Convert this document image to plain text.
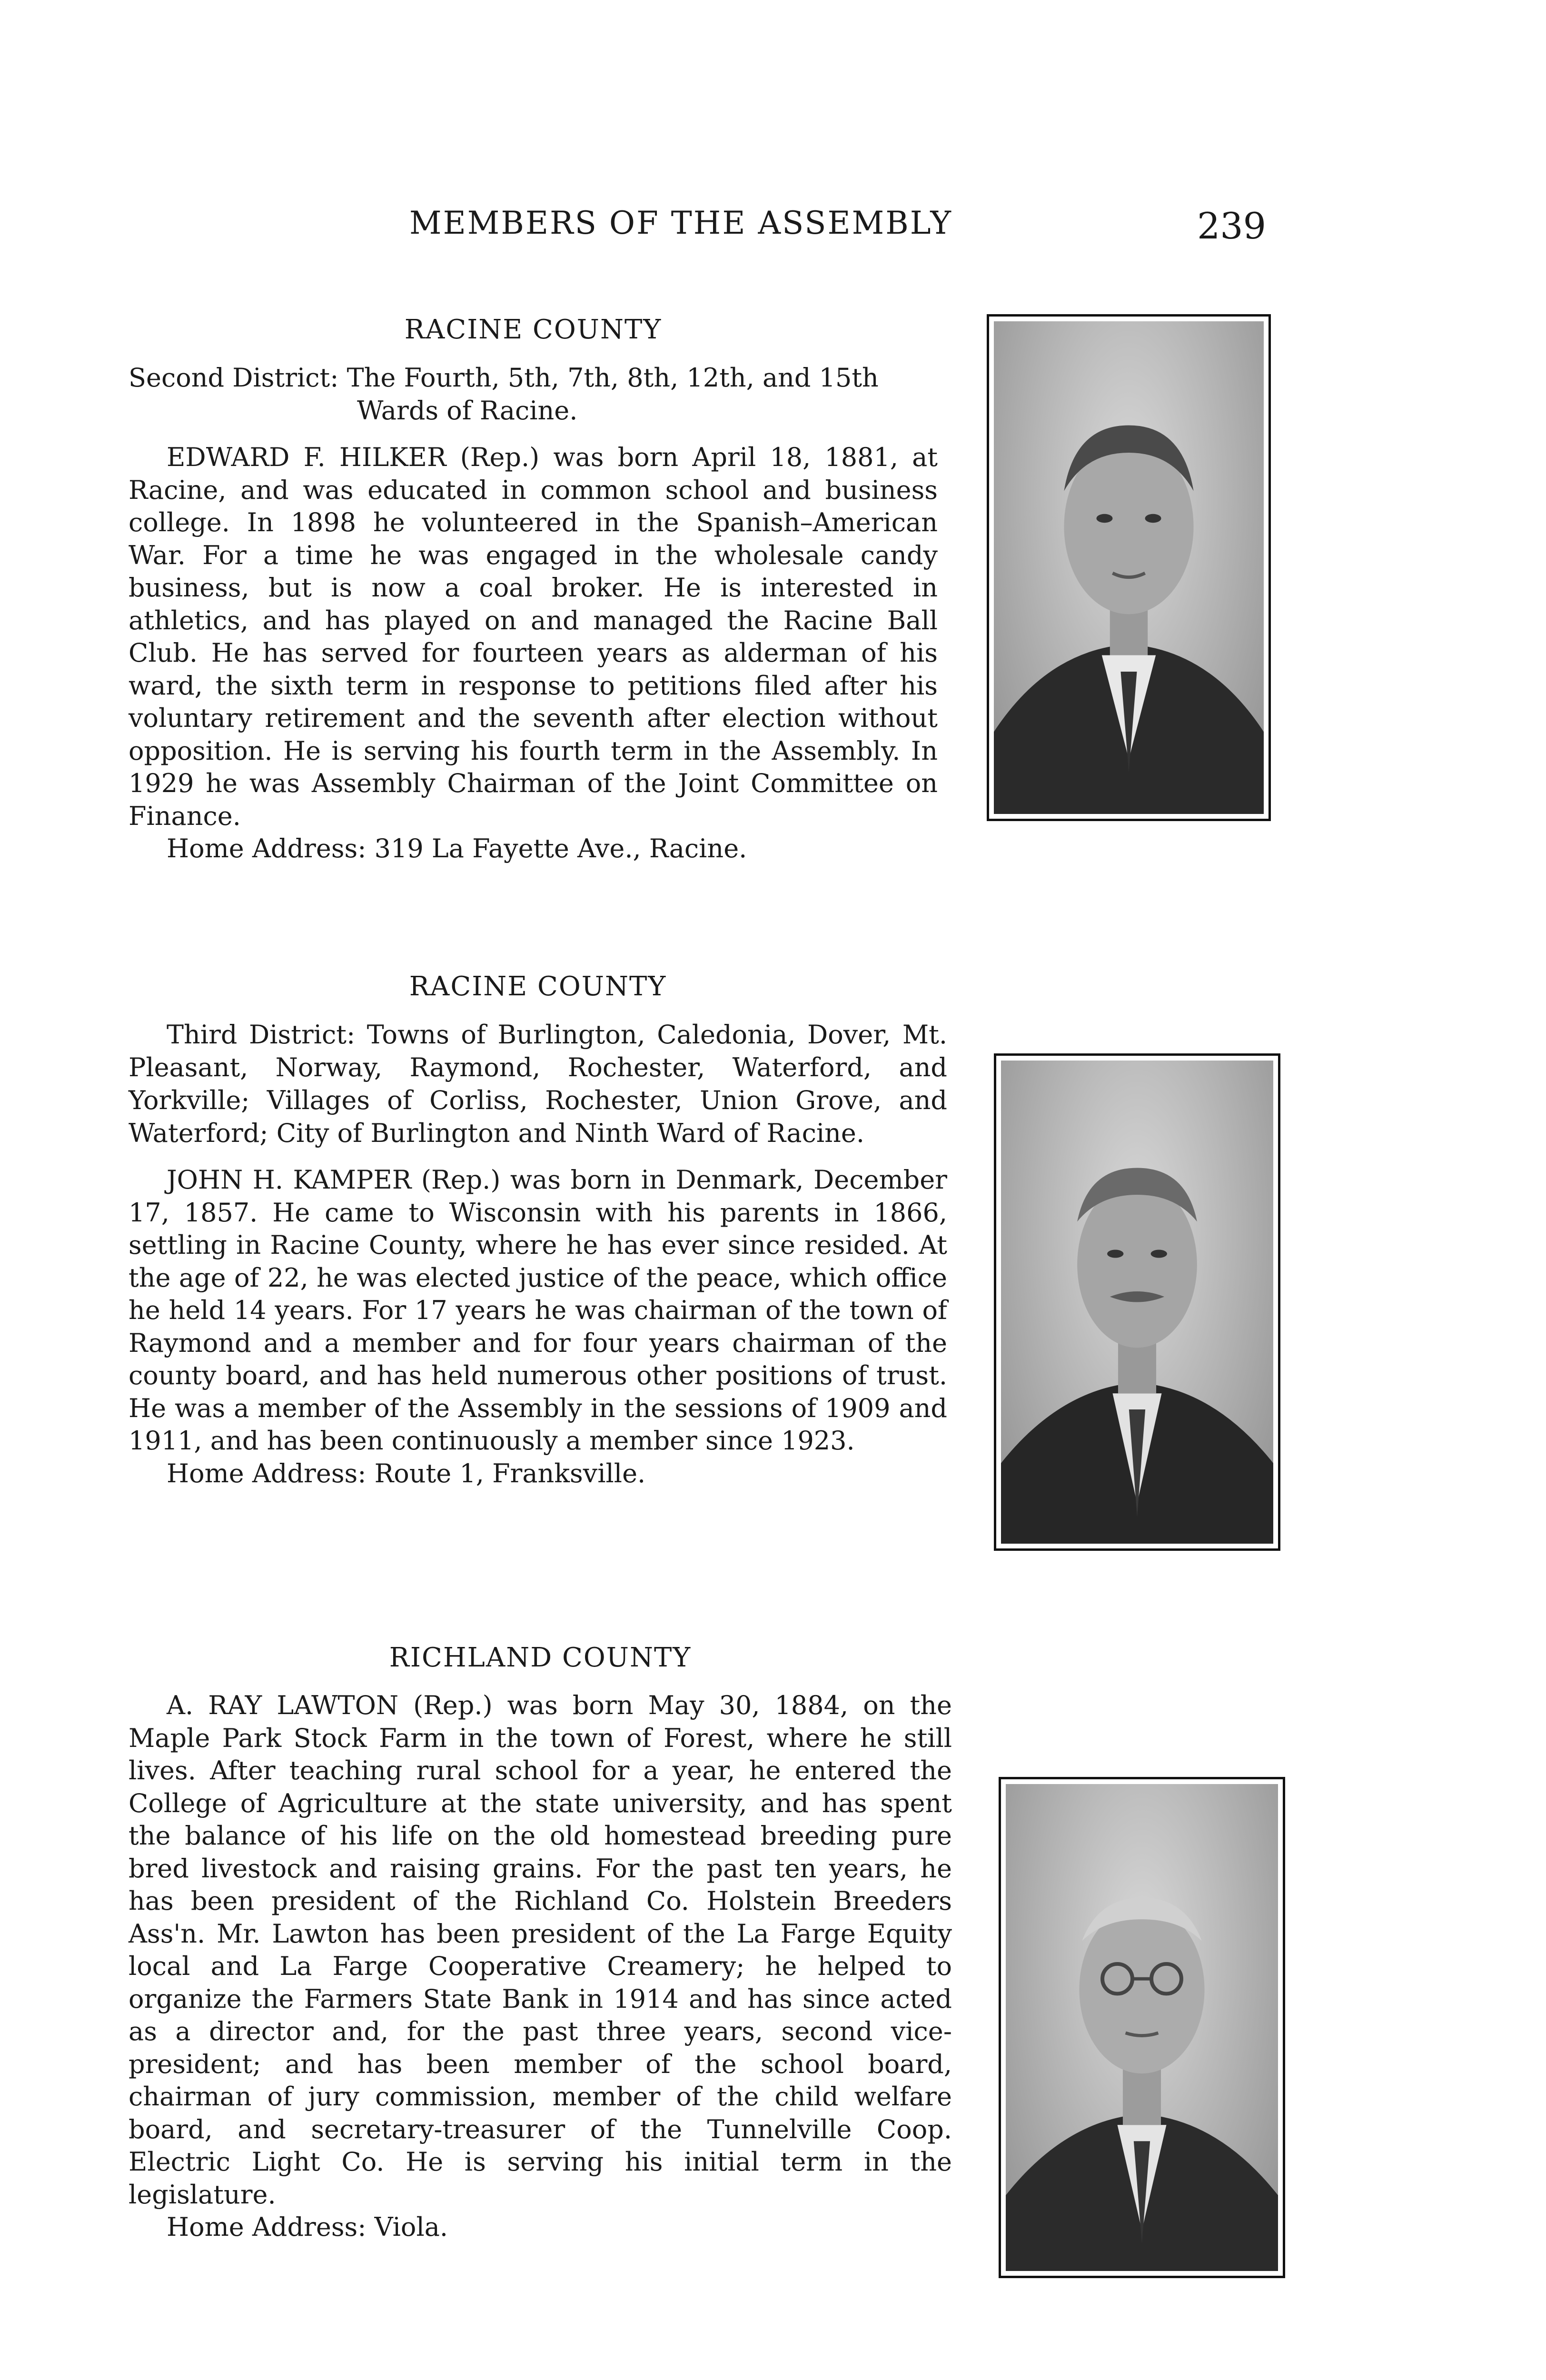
MEMBERS OF THE ASSEMBLY	239
RACINE COUNTY

Second District: The Fourth, 5th, 7th, 8th, 12th, and 15th Wards of Racine.

EDWARD F. HILKER (Rep.) was born April 18, 1881, at Racine, and was educated in common school and business college. In 1898 he volunteered in the Spanish–American War. For a time he was engaged in the wholesale candy business, but is now a coal broker. He is interested in athletics, and has played on and managed the Racine Ball Club. He has served for fourteen years as alderman of his ward, the sixth term in response to petitions filed after his voluntary retirement and the seventh after election without opposition. He is serving his fourth term in the Assembly. In 1929 he was Assembly Chairman of the Joint Committee on Finance.

Home Address: 319 La Fayette Ave., Racine.

RACINE COUNTY

Third District: Towns of Burlington, Caledonia, Dover, Mt. Pleasant, Norway, Raymond, Rochester, Waterford, and Yorkville; Villages of Corliss, Rochester, Union Grove, and Waterford; City of Burlington and Ninth Ward of Racine.

JOHN H. KAMPER (Rep.) was born in Denmark, December 17, 1857. He came to Wisconsin with his parents in 1866, settling in Racine County, where he has ever since resided. At the age of 22, he was elected justice of the peace, which office he held 14 years. For 17 years he was chairman of the town of Raymond and a member and for four years chairman of the county board, and has held numerous other positions of trust. He was a member of the Assembly in the sessions of 1909 and 1911, and has been continuously a member since 1923.

Home Address: Route 1, Franksville.

RICHLAND COUNTY

A. RAY LAWTON (Rep.) was born May 30, 1884, on the Maple Park Stock Farm in the town of Forest, where he still lives. After teaching rural school for a year, he entered the College of Agriculture at the state university, and has spent the balance of his life on the old homestead breeding pure bred livestock and raising grains. For the past ten years, he has been president of the Richland Co. Holstein Breeders Ass'n. Mr. Lawton has been president of the La Farge Equity local and La Farge Cooperative Creamery; he helped to organize the Farmers State Bank in 1914 and has since acted as a director and, for the past three years, second vice-president; and has been member of the school board, chairman of jury commission, member of the child welfare board, and secretary-treasurer of the Tunnelville Coop. Electric Light Co. He is serving his initial term in the legislature.

Home Address: Viola.
